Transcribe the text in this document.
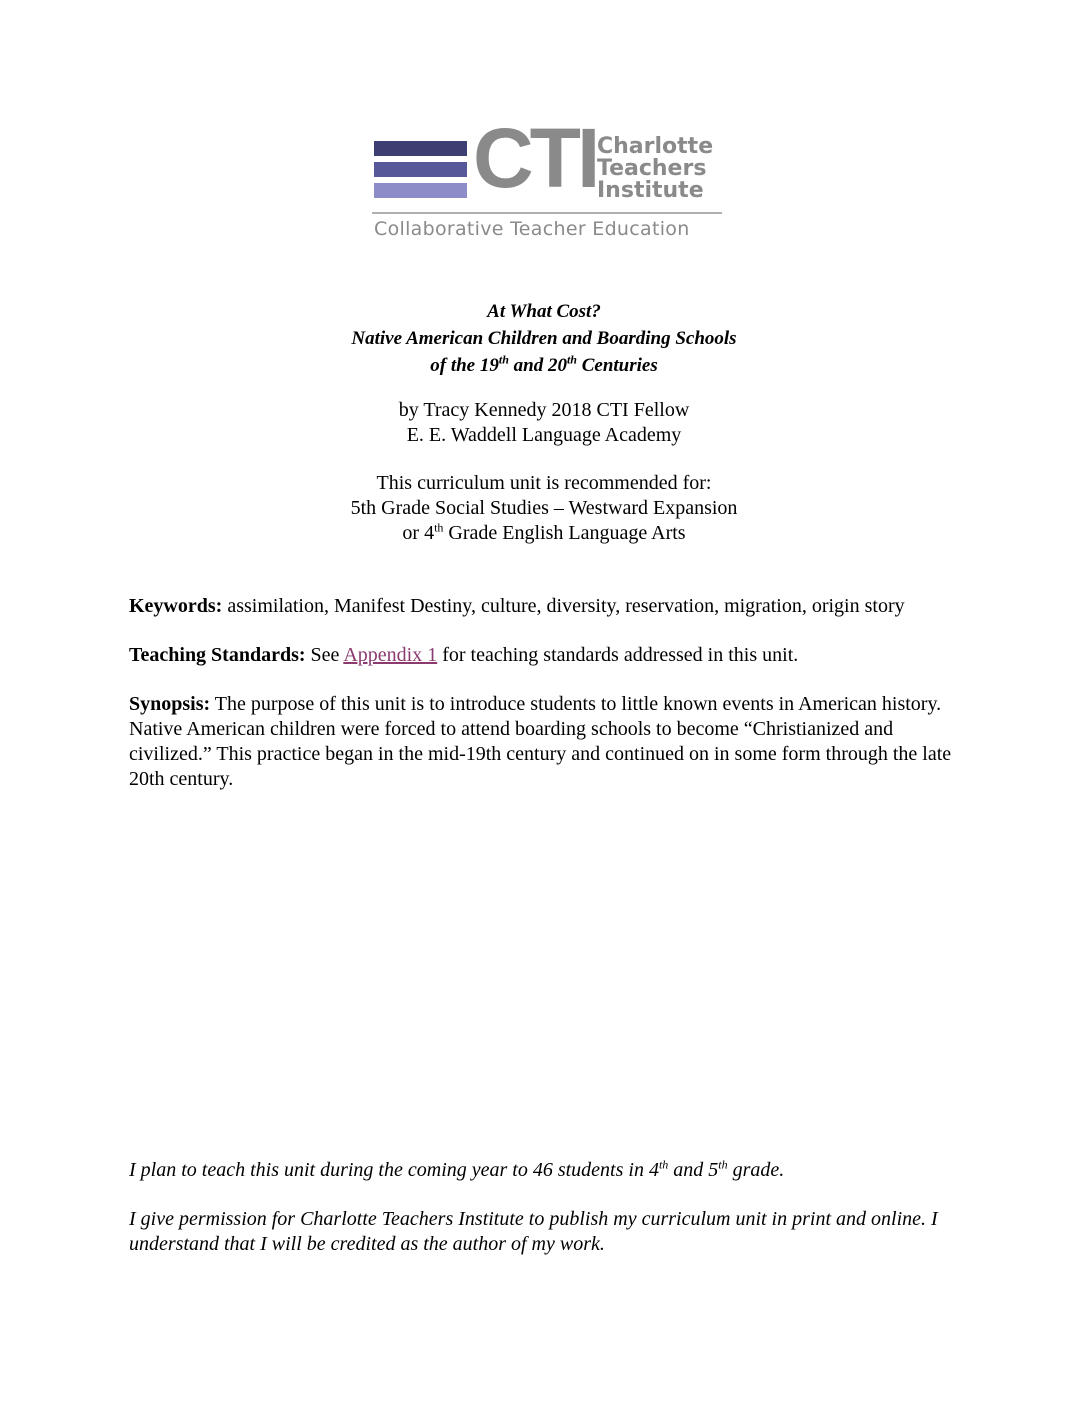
CTI Charlotte
Teachers
Institute
Collaborative Teacher Education
At What Cost?
Native American Children and Boarding Schools
of the 19th and 20th Centuries
by Tracy Kennedy 2018 CTI Fellow
E. E. Waddell Language Academy
This curriculum unit is recommended for:
5th Grade Social Studies – Westward Expansion
or 4th Grade English Language Arts
Keywords: assimilation, Manifest Destiny, culture, diversity, reservation, migration, origin story
Teaching Standards: See Appendix 1 for teaching standards addressed in this unit.
Synopsis: The purpose of this unit is to introduce students to little known events in American history. Native American children were forced to attend boarding schools to become “Christianized and civilized.” This practice began in the mid-19th century and continued on in some form through the late 20th century.
I plan to teach this unit during the coming year to 46 students in 4th and 5th grade.
I give permission for Charlotte Teachers Institute to publish my curriculum unit in print and online. I understand that I will be credited as the author of my work.
